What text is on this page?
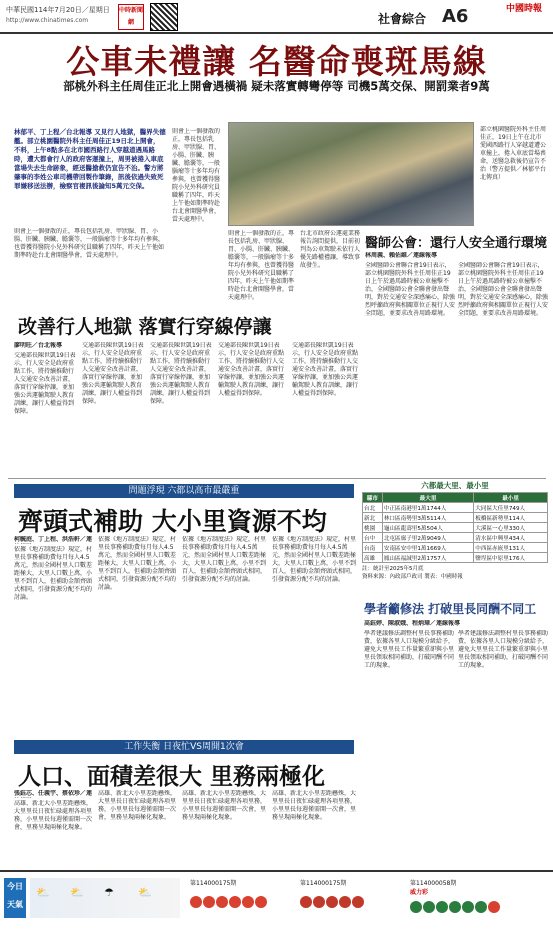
中華民國114年7月20日／星期日
http://www.chinatimes.com
中時新聞網	社會綜合 A6	中國時報
公車未禮讓 名醫命喪斑馬線
部桃外科主任周佳正北上開會遇橫禍 疑未落實轉彎停等 司機5萬交保、開罰業者9萬
林郁平、丁上程／台北報導 又見行人地獄，醫界失德艦。部立桃園醫院外科主任周佳正19日北上開會，不料，上午8點多在北市國西路行人穿越道遇馬路時，遭大都會行人的政府客運撞上，周男被捲入車底當場失去生命跡象，經送醫搶救仍宣告不治。警方將肇事的李姓公車司機帶回製作筆錄，訊後依過失致死罪嫌移送法辦，檢察官複訊後論知5萬元交保。
則會上一個發散的正，專長包括乳房、甲狀腺、胃、小腸、肝臟、胰臟、膽囊等，一般腦瘤等十多年均有參與，也曾獲得醫院小兒外科研究員職稱了四年，昨天上午他如期準時赴台北會開醫學會，當天處理中。
則會上一個發散的正，專長包括乳房、甲狀腺、胃、小腸、肝臟、胰臟、膽囊等，一般腦瘤等十多年均有參與，也曾獲得醫院小兒外科研究員職稱了四年，昨天上午他如期準時赴台北會開醫學會，當天處理中。
部立桃園醫院外科主任周佳正，19日上午在北市愛國西路行人穿越道遭公車撞上，捲入車底當場喪命，送醫急救後仍宣告不治（警方提供／林郁平台北傳真）
則會上一個發散的正，專長包括乳房、甲狀腺、胃、小腸、肝臟、胰臟、膽囊等，一般腦瘤等十多年均有參與，也曾獲得醫院小兒外科研究員職稱了四年，昨天上午他如期準時赴台北會開醫學會，當天處理中。
台北市政府公運處業務報告詢問提供，目前初判為公車駕駛未依行人優先路權禮讓，導致事故發生。
醫師公會：還行人安全通行環境
林周義、賴佑維／連線報導
全國醫師公會聯合會19日表示，部立桃園醫院外科主任周佳正19日上午於過馬路時被公車撞擊不治，全國醫師公會全聯會發出聲明，對於交通安全深感痛心，除強烈呼籲政府與相關單位正視行人安全問題，並要求改善用路環境。
全國醫師公會聯合會19日表示，部立桃園醫院外科主任周佳正19日上午於過馬路時被公車撞擊不治，全國醫師公會全聯會發出聲明，對於交通安全深感痛心，除強烈呼籲政府與相關單位正視行人安全問題，並要求改善用路環境。
改善行人地獄 落實行穿線停讓
廖明旺／台北報導
交通部長陳世凱19日表示，行人安全是政府重點工作，將持續推動行人交通安全改善計畫，落實行穿線停讓，並加強公共運輸駕駛人教育訓練，讓行人權益得到保障。
交通部長陳世凱19日表示，行人安全是政府重點工作，將持續推動行人交通安全改善計畫，落實行穿線停讓，並加強公共運輸駕駛人教育訓練，讓行人權益得到保障。
交通部長陳世凱19日表示，行人安全是政府重點工作，將持續推動行人交通安全改善計畫，落實行穿線停讓，並加強公共運輸駕駛人教育訓練，讓行人權益得到保障。
交通部長陳世凱19日表示，行人安全是政府重點工作，將持續推動行人交通安全改善計畫，落實行穿線停讓，並加強公共運輸駕駛人教育訓練，讓行人權益得到保障。
交通部長陳世凱19日表示，行人安全是政府重點工作，將持續推動行人交通安全改善計畫，落實行穿線停讓，並加強公共運輸駕駛人教育訓練，讓行人權益得到保障。
問題浮現 六都以高市最嚴重
齊頭式補助 大小里資源不均
柯毓庭、丁上程、洪浩軒／連
依據《地方制度法》規定，村里長事務補助費每月每人4.5萬元，然而全國村里人口數差距極大，大里人口數上萬，小里不到百人，但補助金額齊頭式相同，引發資源分配不均的討論。
依據《地方制度法》規定，村里長事務補助費每月每人4.5萬元，然而全國村里人口數差距極大，大里人口數上萬，小里不到百人，但補助金額齊頭式相同，引發資源分配不均的討論。
依據《地方制度法》規定，村里長事務補助費每月每人4.5萬元，然而全國村里人口數差距極大，大里人口數上萬，小里不到百人，但補助金額齊頭式相同，引發資源分配不均的討論。
依據《地方制度法》規定，村里長事務補助費每月每人4.5萬元，然而全國村里人口數差距極大，大里人口數上萬，小里不到百人，但補助金額齊頭式相同，引發資源分配不均的討論。
六都最大里、最小里
縣市	最大里	最小里
台北	中正區南港里1萬1744人	大同區大佳里749人
新北	林口區南勢里3萬5114人	板橋區新勢里114人
桃園	龜山區龍壽里5萬504人	大溪區一心里330人
台中	北屯區廍子里2萬9049人	清水區中興里434人
台南	安南區安中里1萬1669人	中西區赤嵌里131人
高雄	鳳山區福誠里2萬1757人	鹽埕區中原里176人
註：統計至2025年5月底
資料來源：內政部戶政司 製表：中國時報
學者籲修法 打破里長同酬不同工
高鈺婷、陳淑娥、程炳璋／連線報導
學者建議修法調整村里長事務補助費，依據各里人口規模分級給予，避免大里里長工作量繁重卻與小里里長領取相同補助，打破同酬不同工的現象。
學者建議修法調整村里長事務補助費，依據各里人口規模分級給予，避免大里里長工作量繁重卻與小里里長領取相同補助，打破同酬不同工的現象。
工作失衡 日夜忙VS周開1次會
人口、面積差很大 里務兩極化
張鈺芯、任義宇、蔡依珍／連
高雄、新北大小里差距懸殊，大里里長日夜忙碌處理各項里務，小里里長每週僅需開一次會，里務呈現兩極化現象。
高雄、新北大小里差距懸殊，大里里長日夜忙碌處理各項里務，小里里長每週僅需開一次會，里務呈現兩極化現象。
高雄、新北大小里差距懸殊，大里里長日夜忙碌處理各項里務，小里里長每週僅需開一次會，里務呈現兩極化現象。
高雄、新北大小里差距懸殊，大里里長日夜忙碌處理各項里務，小里里長每週僅需開一次會，里務呈現兩極化現象。
今日天氣
⛅ ⛅ ☂ ⛅
第114000175期	第114000175期	第114000058期
威力彩
